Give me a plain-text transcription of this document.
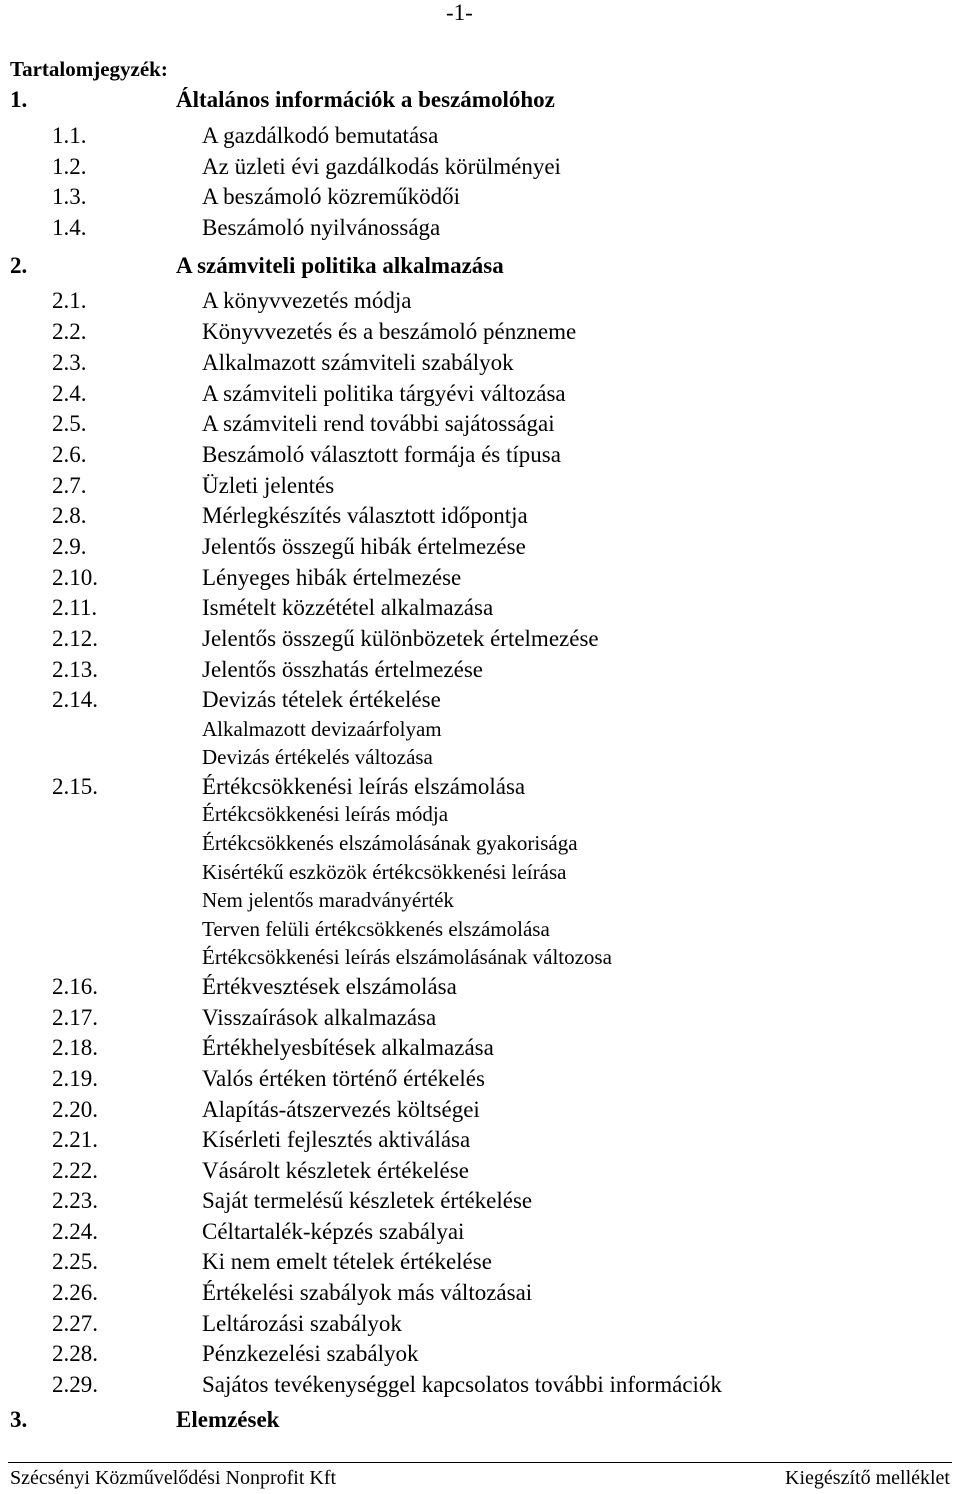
-1-
Tartalomjegyzék:
1.	Általános információk a beszámolóhoz
1.1.	A gazdálkodó bemutatása
1.2.	Az üzleti évi gazdálkodás körülményei
1.3.	A beszámoló közreműködői
1.4.	Beszámoló nyilvánossága
2.	A számviteli politika alkalmazása
2.1.	A könyvvezetés módja
2.2.	Könyvvezetés és a beszámoló pénzneme
2.3.	Alkalmazott számviteli szabályok
2.4.	A számviteli politika tárgyévi változása
2.5.	A számviteli rend további sajátosságai
2.6.	Beszámoló választott formája és típusa
2.7.	Üzleti jelentés
2.8.	Mérlegkészítés választott időpontja
2.9.	Jelentős összegű hibák értelmezése
2.10.	Lényeges hibák értelmezése
2.11.	Ismételt közzététel alkalmazása
2.12.	Jelentős összegű különbözetek értelmezése
2.13.	Jelentős összhatás értelmezése
2.14.	Devizás tételek értékelése
Alkalmazott devizaárfolyam
Devizás értékelés változása
2.15.	Értékcsökkenési leírás elszámolása
Értékcsökkenési leírás módja
Értékcsökkenés elszámolásának gyakorisága
Kisértékű eszközök értékcsökkenési leírása
Nem jelentős maradványérték
Terven felüli értékcsökkenés elszámolása
Értékcsökkenési leírás elszámolásának változosa
2.16.	Értékvesztések elszámolása
2.17.	Visszaírások alkalmazása
2.18.	Értékhelyesbítések alkalmazása
2.19.	Valós értéken történő értékelés
2.20.	Alapítás-átszervezés költségei
2.21.	Kísérleti fejlesztés aktiválása
2.22.	Vásárolt készletek értékelése
2.23.	Saját termelésű készletek értékelése
2.24.	Céltartalék-képzés szabályai
2.25.	Ki nem emelt tételek értékelése
2.26.	Értékelési szabályok más változásai
2.27.	Leltározási szabályok
2.28.	Pénzkezelési szabályok
2.29.	Sajátos tevékenységgel kapcsolatos további információk
3.	Elemzések
Szécsényi Közművelődési Nonprofit Kft	Kiegészítő melléklet
